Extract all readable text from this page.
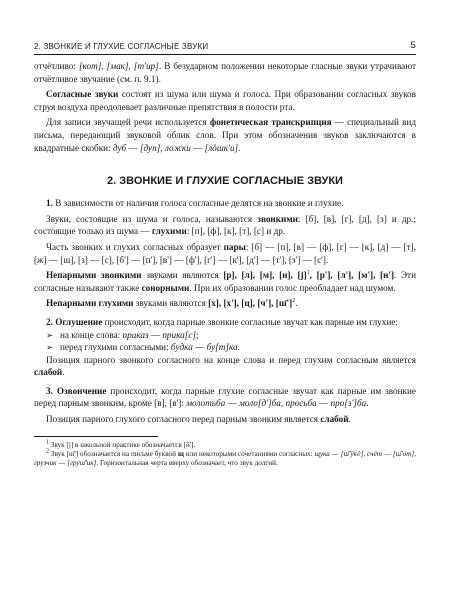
2. ЗВОНКИЕ И ГЛУХИЕ СОГЛАСНЫЕ ЗВУКИ	5

отчётливо: [кот], [мак], [т'ир]. В безударном положении некоторые гласные звуки утрачивают отчётливое звучание (см. п. 9.1).

Согласные звуки состоят из шума или шума и голоса. При образовании согласных звуков струя воздуха преодолевает различные препятствия в полости рта.

Для записи звучащей речи используется фонетическая транскрипция — специальный вид письма, передающий звуковой облик слов. При этом обозначения звуков заключаются в квадратные скобки: дуб — [дуп], ложки — [лôшк'и].

2. ЗВОНКИЕ И ГЛУХИЕ СОГЛАСНЫЕ ЗВУКИ

1. В зависимости от наличия голоса согласные делятся на звонкие и глухие.

Звуки, состоящие из шума и голоса, называются звонкими: [б], [в], [г], [д], [з] и др.; состоящие только из шума — глухими: [п], [ф], [к], [т], [с] и др.

Часть звонких и глухих согласных образует пары: [б] — [п], [в] — [ф], [г] — [к], [д] — [т], [ж] — [ш], [з] — [с], [б'] — [п'], [в'] — [ф'], [г'] — [к'], [д'] — [т'], [з'] — [с'].

Непарными звонкими звуками являются [р], [л], [м], [н], $[j]^1$, [р'], [л'], [м'], [н']. Эти согласные называют также сонорными. При их образовании голос преобладает над шумом.

Непарными глухими звуками являются [х], [х'], [ц], [ч'], [ш̄']$^2$.

2. Оглушение происходит, когда парные звонкие согласные звучат как парные им глухие:

➢ на конце слова: приказ — прика[с];

➢ перед глухими согласными: будка — бу[т]ка.

Позиция парного звонкого согласного на конце слова и перед глухим согласным является слабой.

3. Озвончение происходит, когда парные глухие согласные звучат как парные им звонкие перед парным звонким, кроме [в], [в']: молотьба — моло[д']ба, просьба — про[з']ба.

Позиция парного глухого согласного перед парным звонким является слабой.

$^1$ Звук [j] в школьной практике обозначается [й'].

$^2$ Звук [ш̄'] обозначается на письме буквой щ или некоторыми сочетаниями согласных: щука — [ш̄'ýк∂], счёт — [ш̄'от], грузчик — [грýш̄'ик]. Горизонтальная черта вверху обозначает, что звук долгий.
